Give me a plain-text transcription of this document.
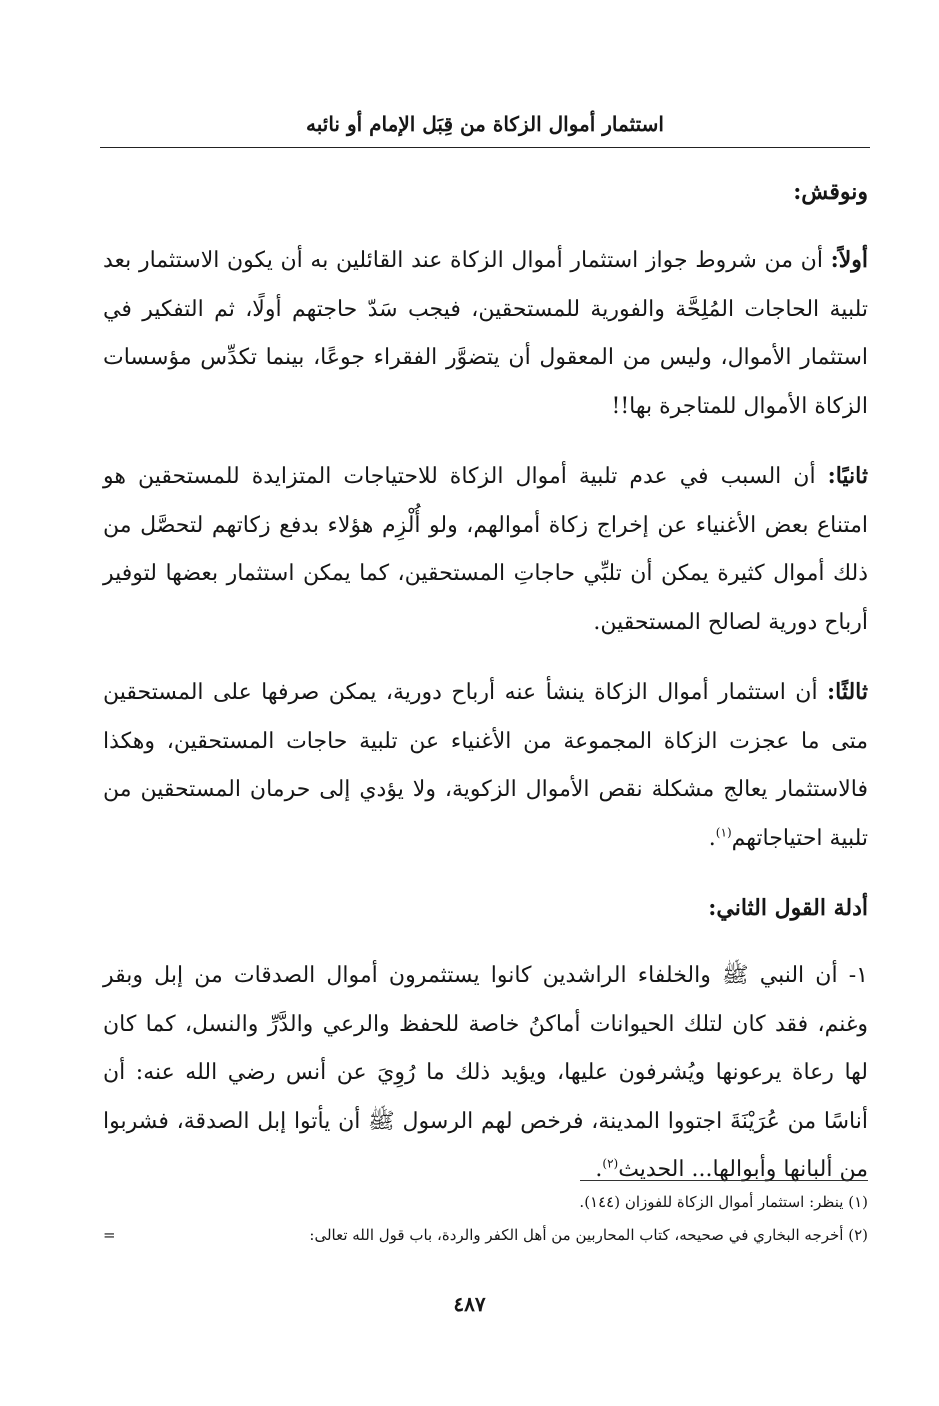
استثمار أموال الزكاة من قِبَل الإمام أو نائبه
ونوقش:

أولاً: أن من شروط جواز استثمار أموال الزكاة عند القائلين به أن يكون الاستثمار بعد تلبية الحاجات المُلِحَّة والفورية للمستحقين، فيجب سَدّ حاجتهم أولًا، ثم التفكير في استثمار الأموال، وليس من المعقول أن يتضوَّر الفقراء جوعًا، بينما تكدِّس مؤسسات الزكاة الأموال للمتاجرة بها!!

ثانيًا: أن السبب في عدم تلبية أموال الزكاة للاحتياجات المتزايدة للمستحقين هو امتناع بعض الأغنياء عن إخراج زكاة أموالهم، ولو أُلْزِم هؤلاء بدفع زكاتهم لتحصَّل من ذلك أموال كثيرة يمكن أن تلبِّي حاجاتِ المستحقين، كما يمكن استثمار بعضها لتوفير أرباح دورية لصالح المستحقين.

ثالثًا: أن استثمار أموال الزكاة ينشأ عنه أرباح دورية، يمكن صرفها على المستحقين متى ما عجزت الزكاة المجموعة من الأغنياء عن تلبية حاجات المستحقين، وهكذا فالاستثمار يعالج مشكلة نقص الأموال الزكوية، ولا يؤدي إلى حرمان المستحقين من تلبية احتياجاتهم$^{(١)}$.

أدلة القول الثاني:

١- أن النبي ﷺ والخلفاء الراشدين كانوا يستثمرون أموال الصدقات من إبل وبقر وغنم، فقد كان لتلك الحيوانات أماكنُ خاصة للحفظ والرعي والدَّرِّ والنسل، كما كان لها رعاة يرعونها ويُشرفون عليها، ويؤيد ذلك ما رُوِيَ عن أنس رضي الله عنه: أن أناسًا من عُرَيْنَةَ اجتووا المدينة، فرخص لهم الرسول ﷺ أن يأتوا إبل الصدقة، فشربوا من ألبانها وأبوالها... الحديث$^{(٢)}$.

(١) ينظر: استثمار أموال الزكاة للفوزان (١٤٤).
(٢) أخرجه البخاري في صحيحه، كتاب المحاربين من أهل الكفر والردة، باب قول الله تعالى:
=
٤٨٧
